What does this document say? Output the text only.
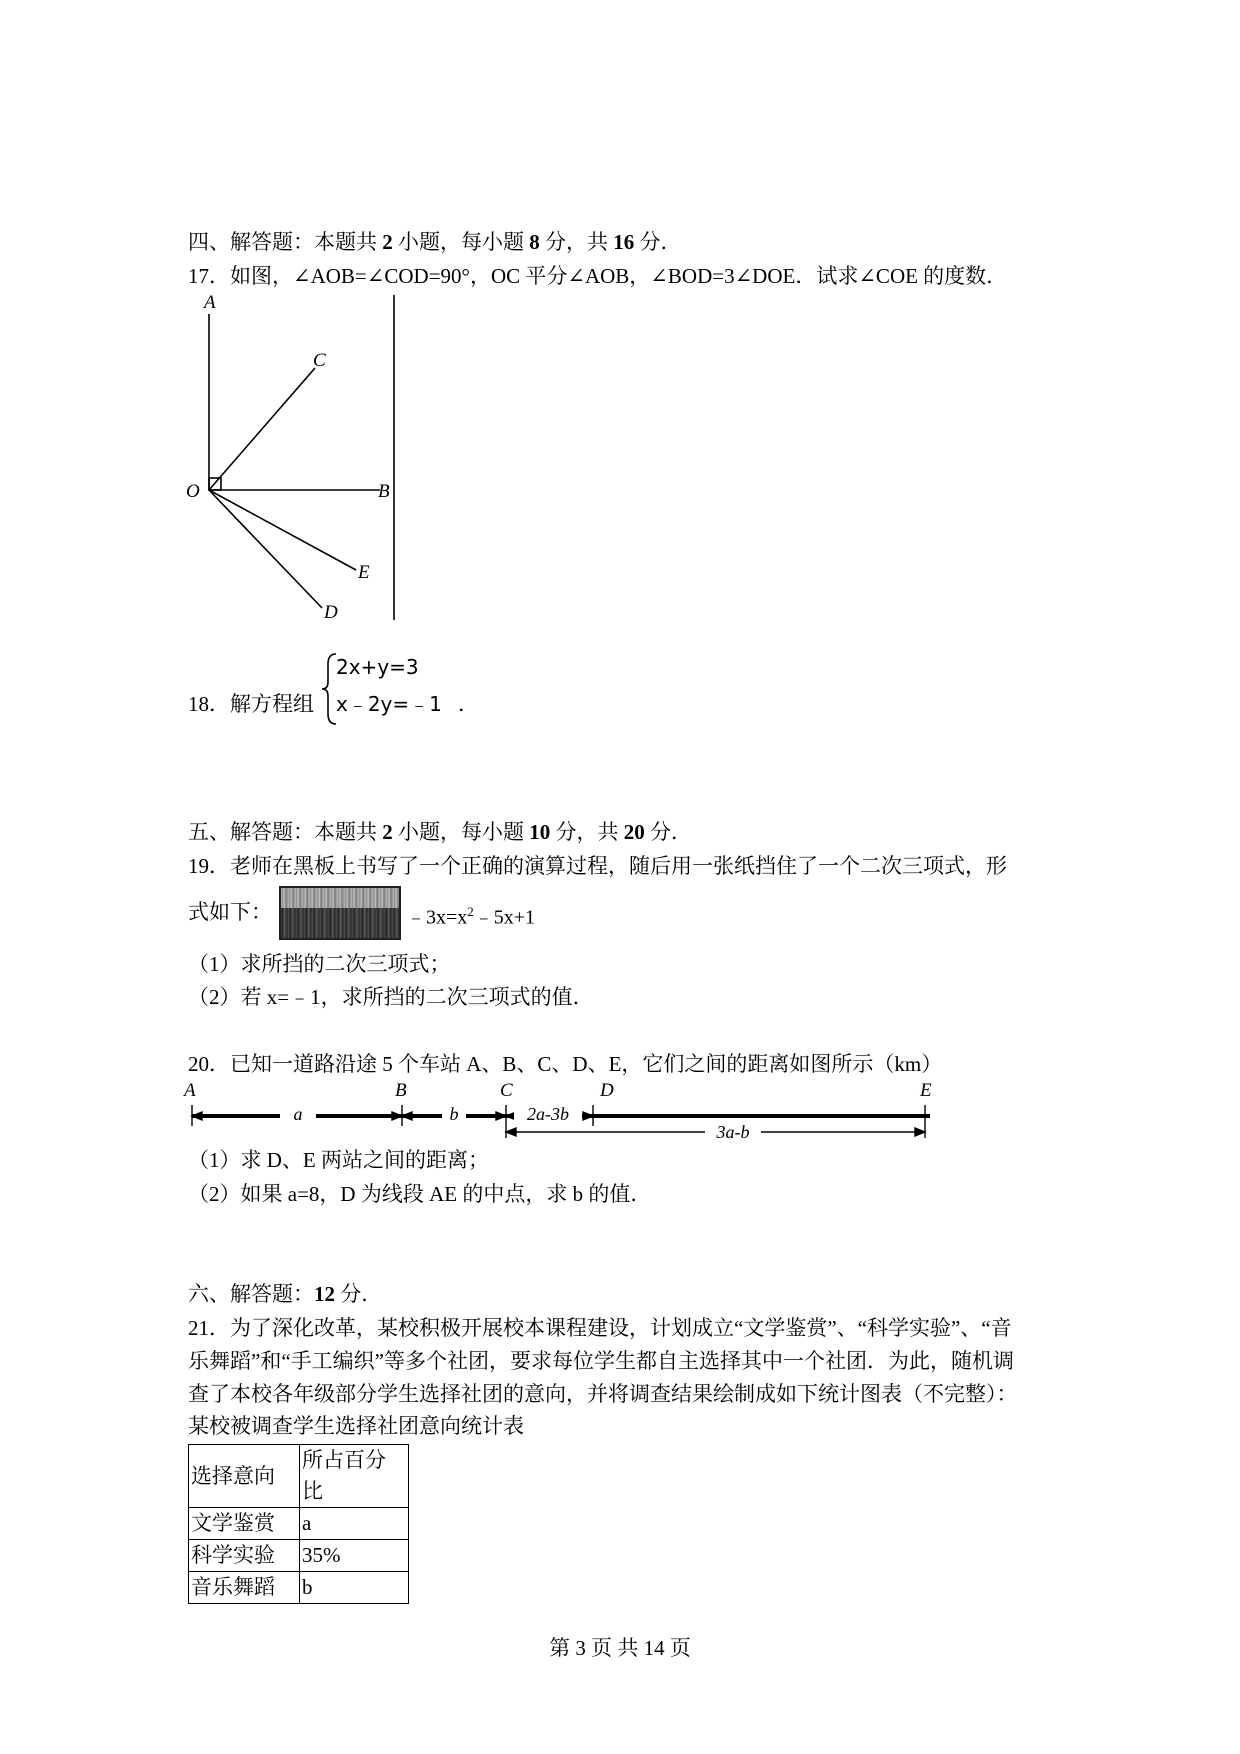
四、解答题：本题共 2 小题，每小题 8 分，共 16 分．
17．如图，∠AOB=∠COD=90°，OC 平分∠AOB，∠BOD=3∠DOE．试求∠COE 的度数．
A
C
O	B
E
D
18．解方程组
2x+y=3
x﹣2y=﹣1 ．
五、解答题：本题共 2 小题，每小题 10 分，共 20 分．
19．老师在黑板上书写了一个正确的演算过程，随后用一张纸挡住了一个二次三项式，形
式如下：	$﹣3x=x^2﹣5x+1$
（1）求所挡的二次三项式；
（2）若 x=﹣1，求所挡的二次三项式的值．
20．已知一道路沿途 5 个车站 A、B、C、D、E，它们之间的距离如图所示（km）
A	B	C	D	E
a	b	2a-3b
3a-b
（1）求 D、E 两站之间的距离；
（2）如果 a=8，D 为线段 AE 的中点，求 b 的值．
六、解答题：12 分．
21．为了深化改革，某校积极开展校本课程建设，计划成立“文学鉴赏”、“科学实验”、“音
乐舞蹈”和“手工编织”等多个社团，要求每位学生都自主选择其中一个社团．为此，随机调
查了本校各年级部分学生选择社团的意向，并将调查结果绘制成如下统计图表（不完整）：
某校被调查学生选择社团意向统计表
选择意向	所占百分比
文学鉴赏	a
科学实验	35%
音乐舞蹈	b
第 3 页 共 14 页
